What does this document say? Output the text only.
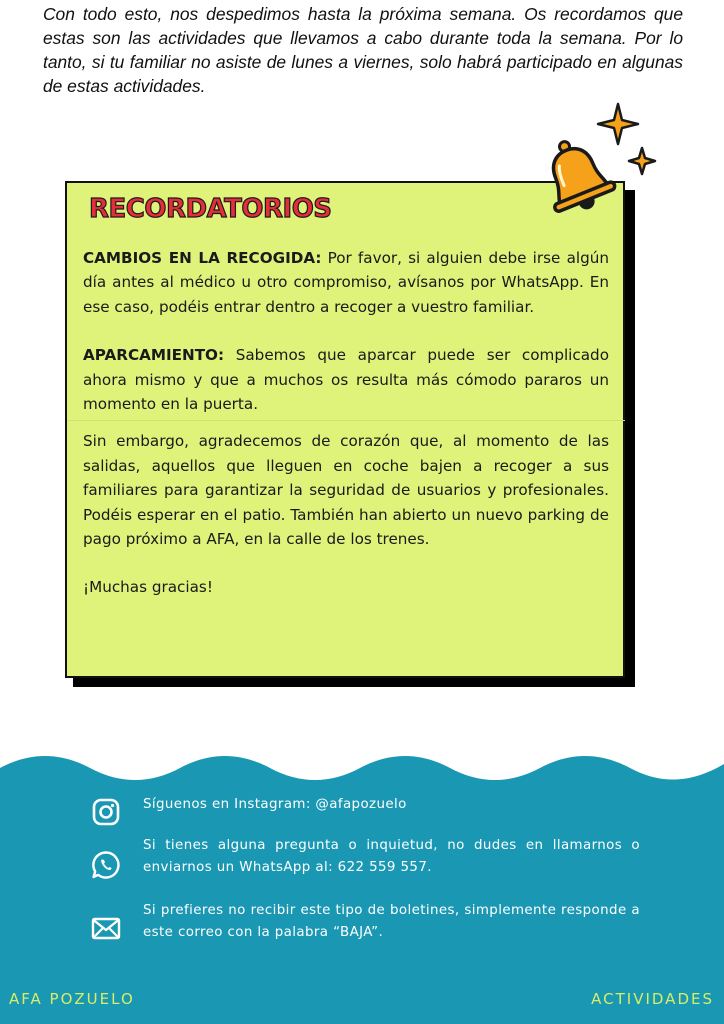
Con todo esto, nos despedimos hasta la próxima semana. Os recordamos que estas son las actividades que llevamos a cabo durante toda la semana. Por lo tanto, si tu familiar no asiste de lunes a viernes, solo habrá participado en algunas de estas actividades.
RECORDATORIOS

CAMBIOS EN LA RECOGIDA: Por favor, si alguien debe irse algún día antes al médico u otro compromiso, avísanos por WhatsApp. En ese caso, podéis entrar dentro a recoger a vuestro familiar.

APARCAMIENTO: Sabemos que aparcar puede ser complicado ahora mismo y que a muchos os resulta más cómodo pararos un momento en la puerta.

Sin embargo, agradecemos de corazón que, al momento de las salidas, aquellos que lleguen en coche bajen a recoger a sus familiares para garantizar la seguridad de usuarios y profesionales. Podéis esperar en el patio. También han abierto un nuevo parking de pago próximo a AFA, en la calle de los trenes.

¡Muchas gracias!

Síguenos en Instagram: @afapozuelo
Si tienes alguna pregunta o inquietud, no dudes en llamarnos o enviarnos un WhatsApp al: 622 559 557.
Si prefieres no recibir este tipo de boletines, simplemente responde a este correo con la palabra “BAJA”.
AFA POZUELO	ACTIVIDADES
